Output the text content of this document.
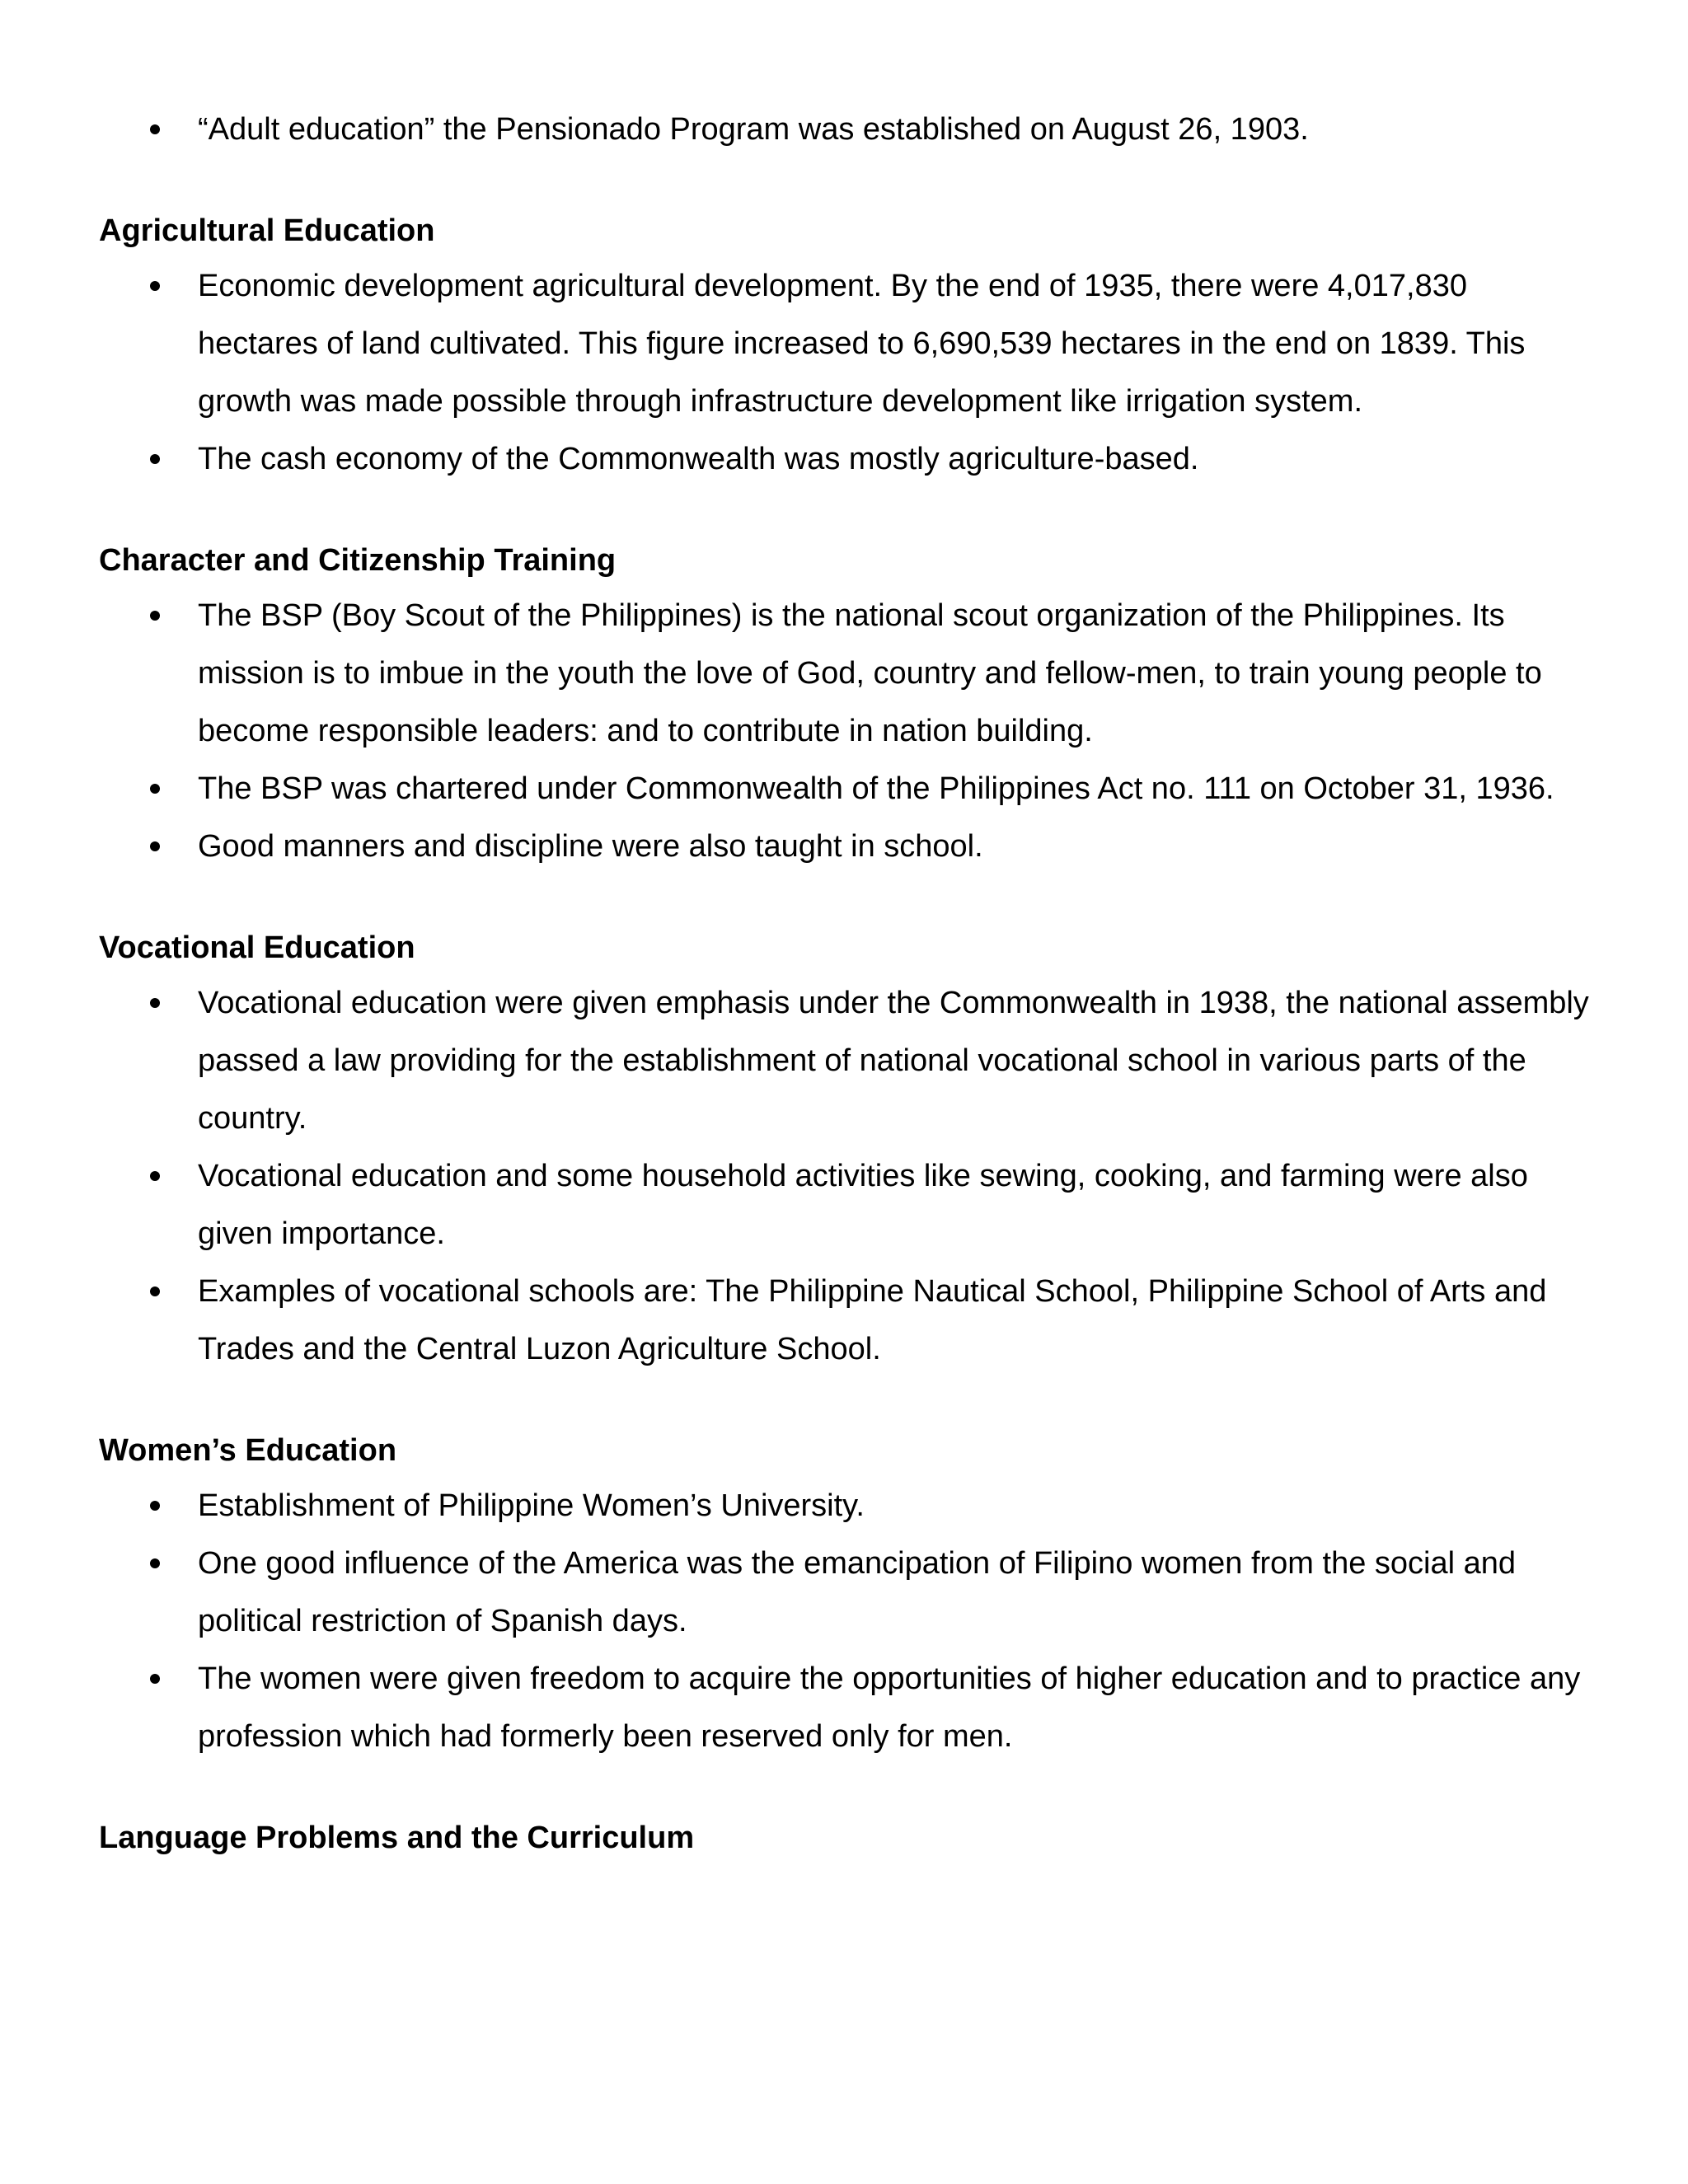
“Adult education” the Pensionado Program was established on August 26, 1903.
Agricultural Education
Economic development agricultural development. By the end of 1935, there were 4,017,830 hectares of land cultivated. This figure increased to 6,690,539 hectares in the end on 1839. This growth was made possible through infrastructure development like irrigation system.
The cash economy of the Commonwealth was mostly agriculture-based.
Character and Citizenship Training
The BSP (Boy Scout of the Philippines) is the national scout organization of the Philippines. Its mission is to imbue in the youth the love of God, country and fellow-men, to train young people to become responsible leaders: and to contribute in nation building.
The BSP was chartered under Commonwealth of the Philippines Act no. 111 on October 31, 1936.
Good manners and discipline were also taught in school.
Vocational Education
Vocational education were given emphasis under the Commonwealth in 1938, the national assembly passed a law providing for the establishment of national vocational school in various parts of the country.
Vocational education and some household activities like sewing, cooking, and farming were also given importance.
Examples of vocational schools are: The Philippine Nautical School, Philippine School of Arts and Trades and the Central Luzon Agriculture School.
Women’s Education
Establishment of Philippine Women’s University.
One good influence of the America was the emancipation of Filipino women from the social and political restriction of Spanish days.
The women were given freedom to acquire the opportunities of higher education and to practice any profession which had formerly been reserved only for men.
Language Problems and the Curriculum
